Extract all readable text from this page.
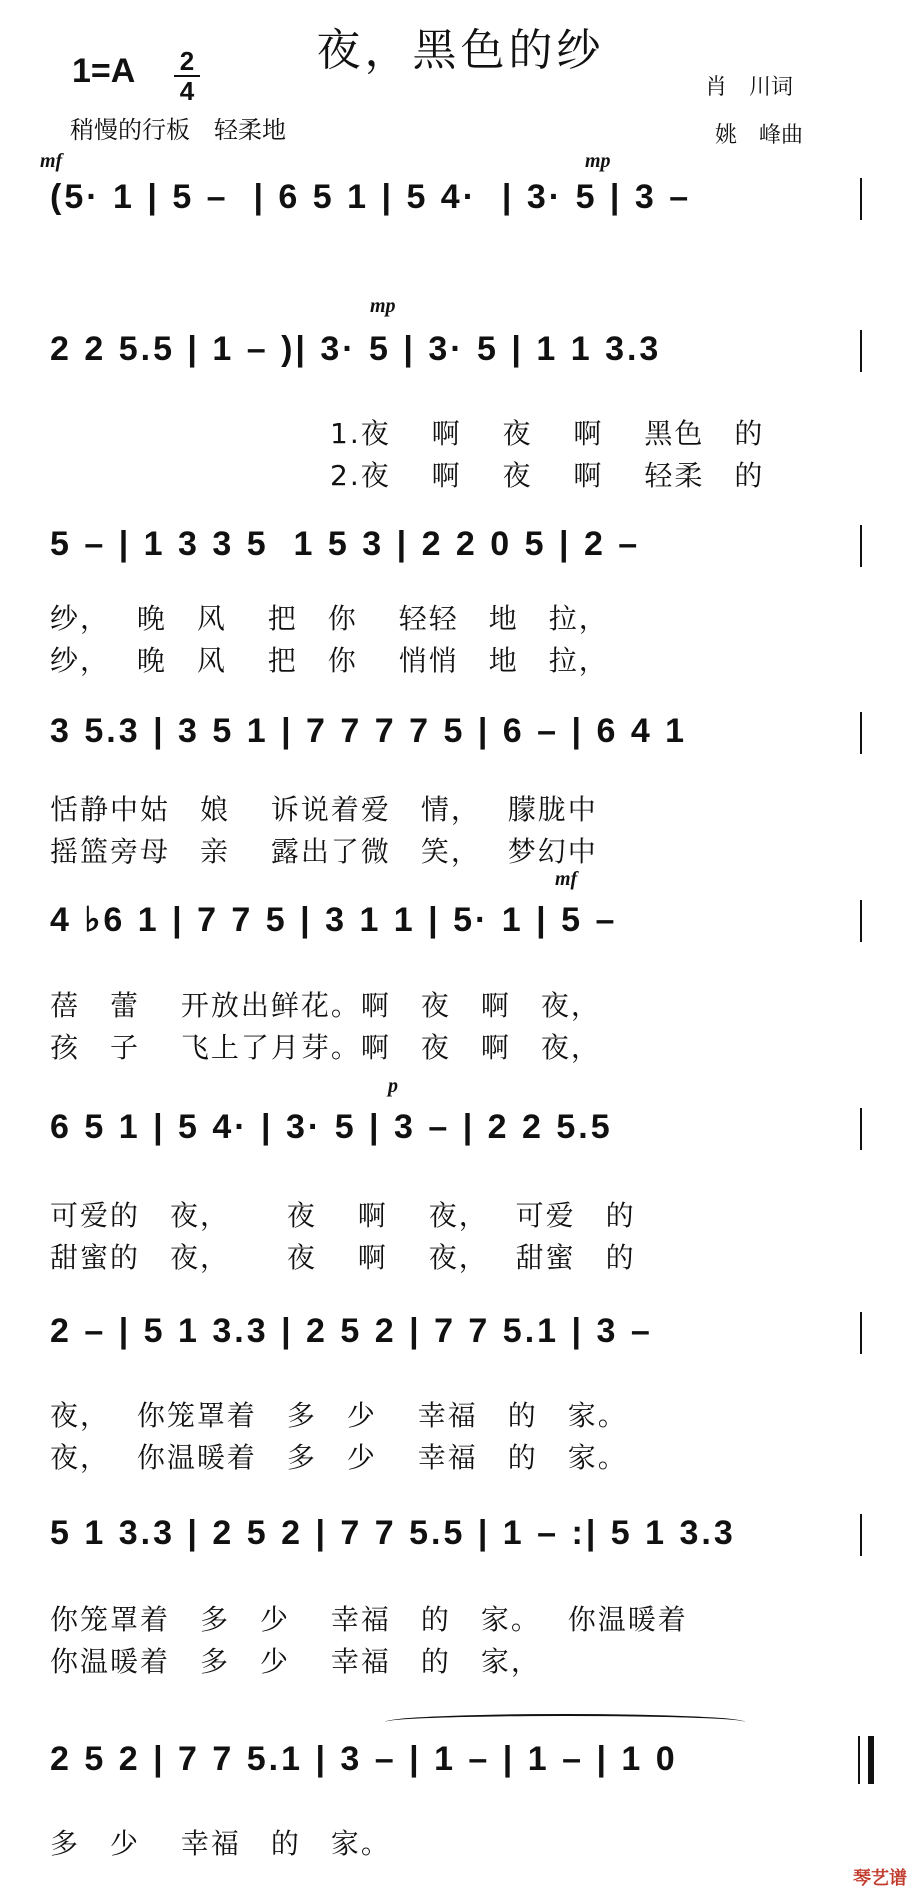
夜，黑色的纱
1=A 2
4
稍慢的行板　轻柔地
肖　川词
姚　峰曲
mf	mp
mp
mf
p
(5· 1 | 5 –  | 6 5 1 | 5 4·  | 3· 5 | 3 –
2 2 5.5 | 1 – )| 3· 5 | 3· 5 | 1 1 3.3
1.夜　 啊　 夜　 啊　 黑色　的
2.夜　 啊　 夜　 啊　 轻柔　的
5 – | 1 3 3 5  1 5 3 | 2 2 0 5 | 2 –
纱，　 晚　风　 把　你　 轻轻　地　拉，
纱，　 晚　风　 把　你　 悄悄　地　拉，
3 5.3 | 3 5 1 | 7 7 7 7 5 | 6 – | 6 4 1
恬静中姑　娘　 诉说着爱　情，　 朦胧中
摇篮旁母　亲　 露出了微　笑，　 梦幻中
4 ♭6 1 | 7 7 5 | 3 1 1 | 5· 1 | 5 –
蓓　蕾　 开放出鲜花。啊　夜　啊　夜，
孩　子　 飞上了月芽。啊　夜　啊　夜，
6 5 1 | 5 4· | 3· 5 | 3 – | 2 2 5.5
可爱的　夜，　　 夜　 啊　 夜，　 可爱　的
甜蜜的　夜，　　 夜　 啊　 夜，　 甜蜜　的
2 – | 5 1 3.3 | 2 5 2 | 7 7 5.1 | 3 –
夜，　 你笼罩着　多　少　 幸福　的　家。
夜，　 你温暖着　多　少　 幸福　的　家。
5 1 3.3 | 2 5 2 | 7 7 5.5 | 1 – :| 5 1 3.3
你笼罩着　多　少　 幸福　的　家。　 你温暖着
你温暖着　多　少　 幸福　的　家，
2 5 2 | 7 7 5.1 | 3 – | 1 – | 1 – | 1 0
多　少　 幸福　的　家。
琴艺谱
